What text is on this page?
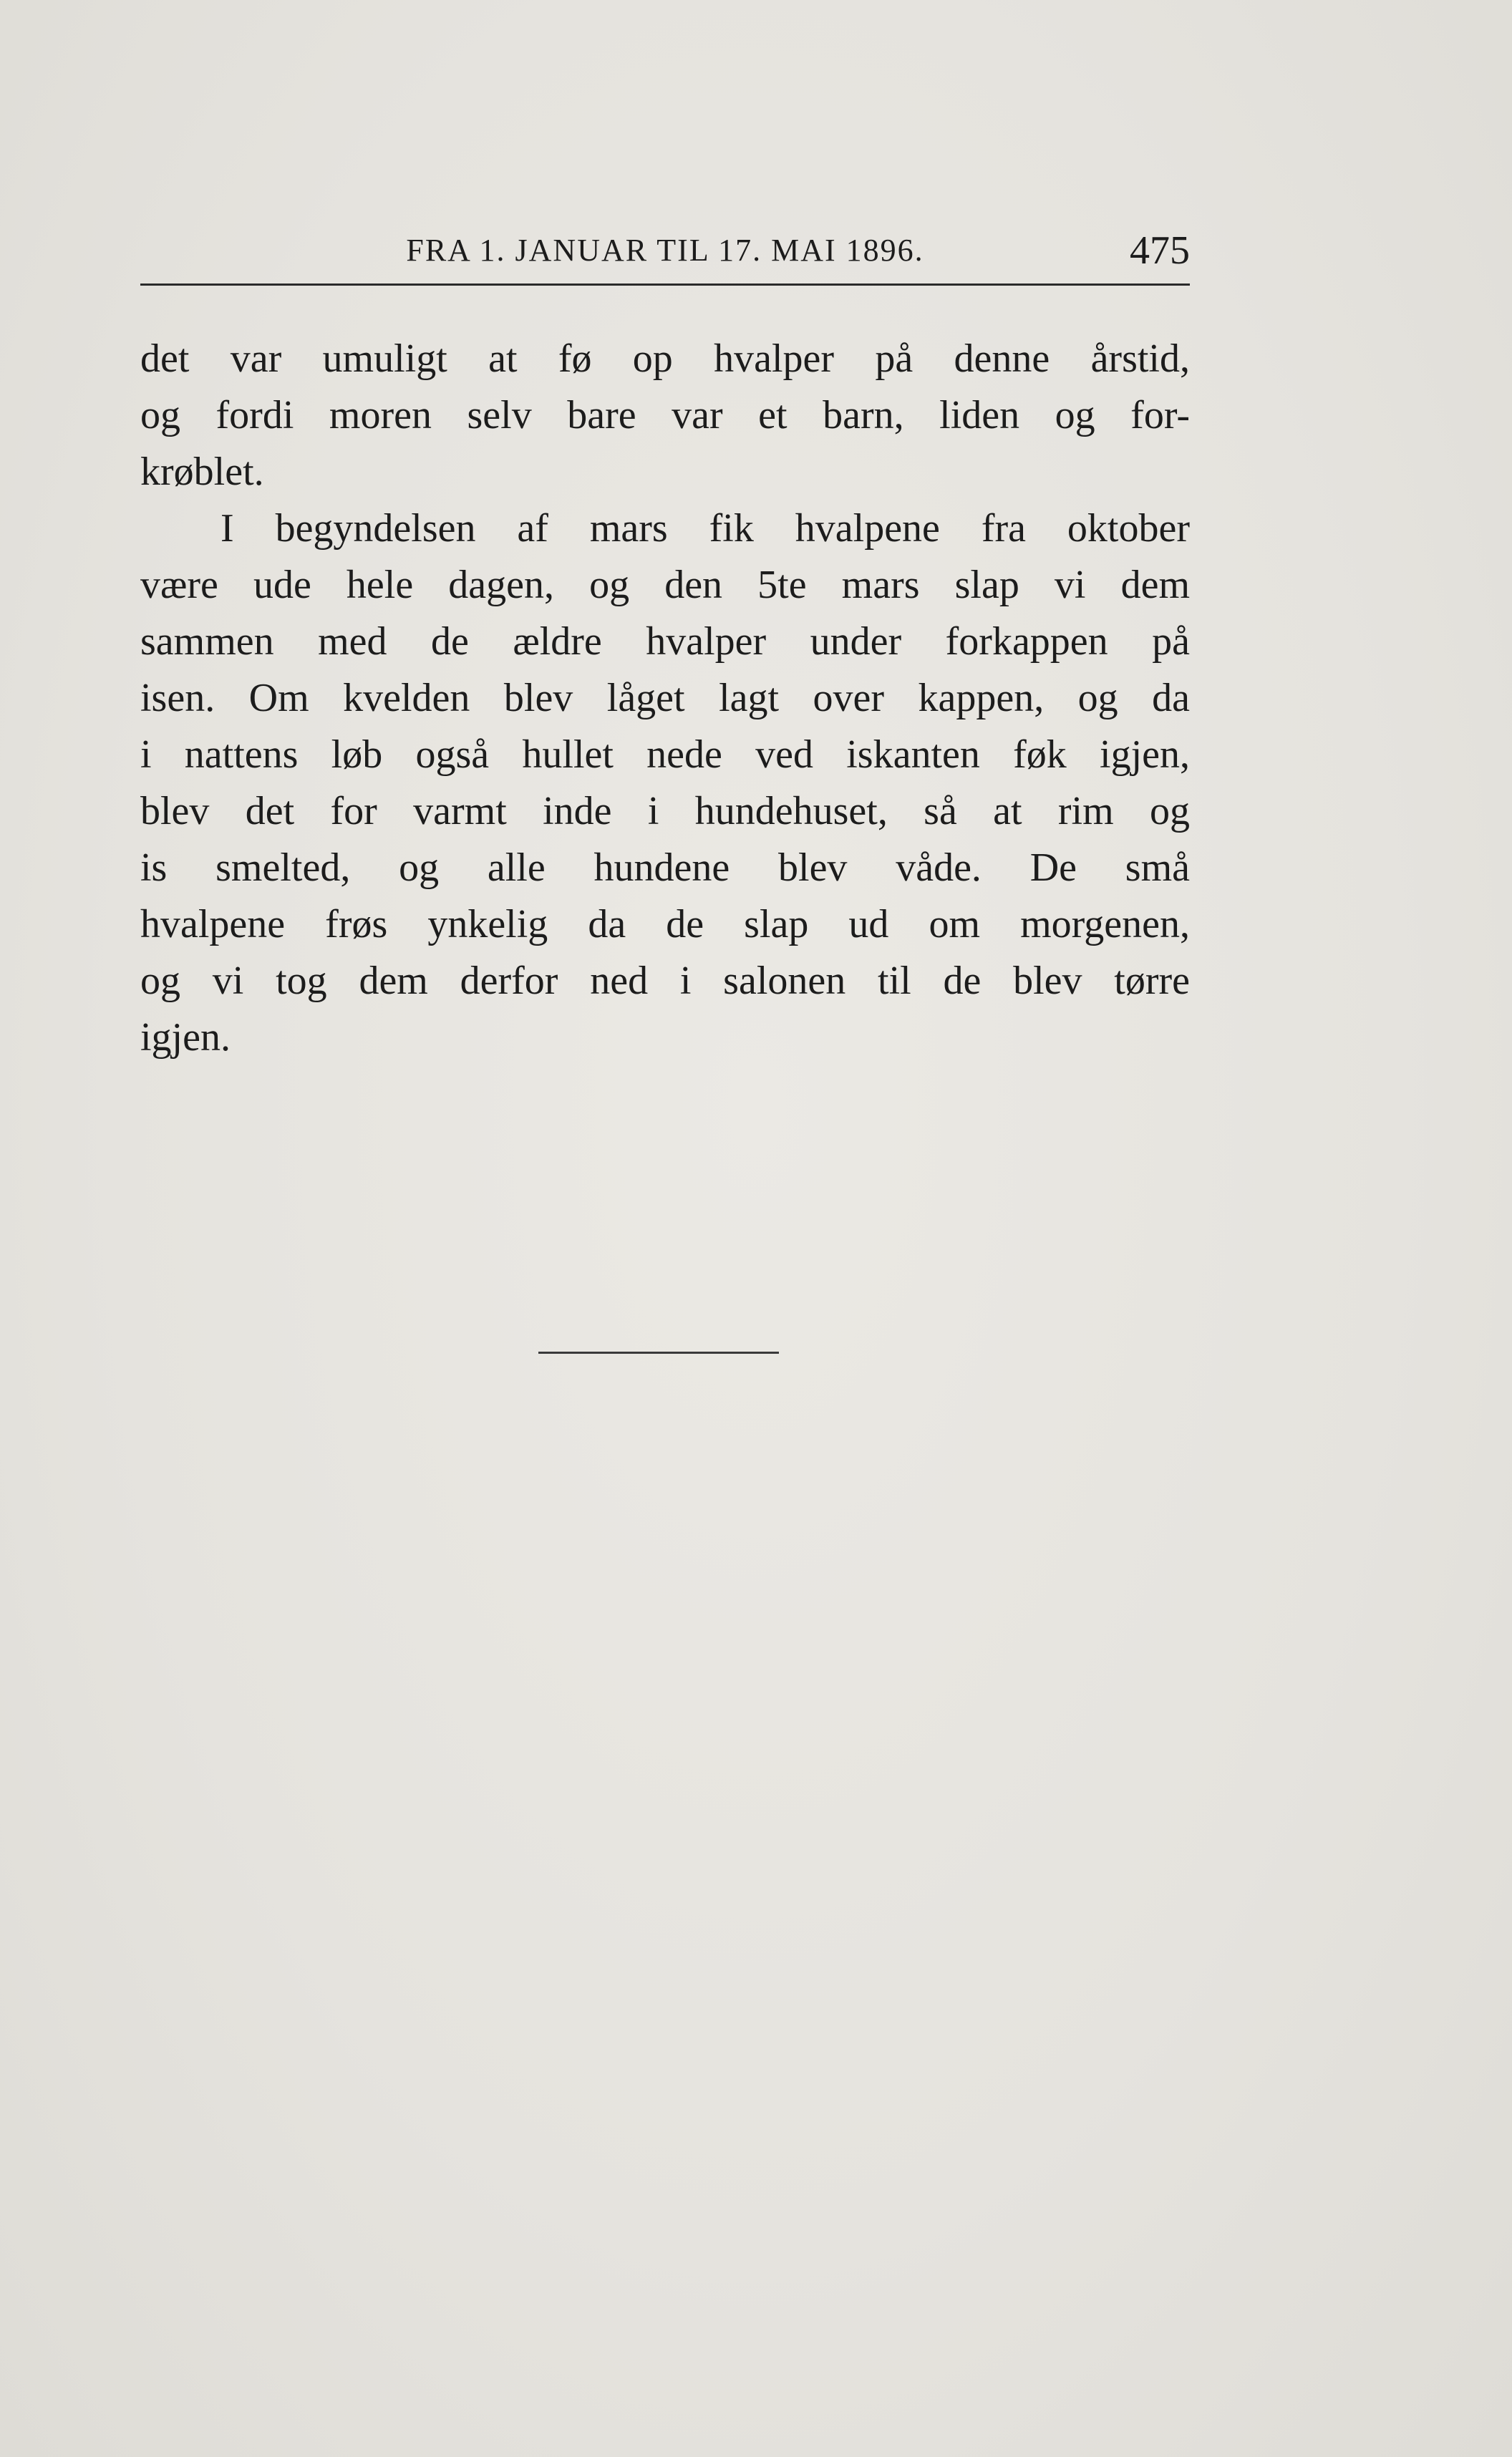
FRA 1. JANUAR TIL 17. MAI 1896.	475
det var umuligt at fø op hvalper på denne årstid,
og fordi moren selv bare var et barn, liden og for-
krøblet.
I begyndelsen af mars fik hvalpene fra oktober
være ude hele dagen, og den 5te mars slap vi dem
sammen med de ældre hvalper under forkappen på
isen. Om kvelden blev låget lagt over kappen, og da
i nattens løb også hullet nede ved iskanten føk igjen,
blev det for varmt inde i hundehuset, så at rim og
is smelted, og alle hundene blev våde. De små
hvalpene frøs ynkelig da de slap ud om morgenen,
og vi tog dem derfor ned i salonen til de blev tørre
igjen.
